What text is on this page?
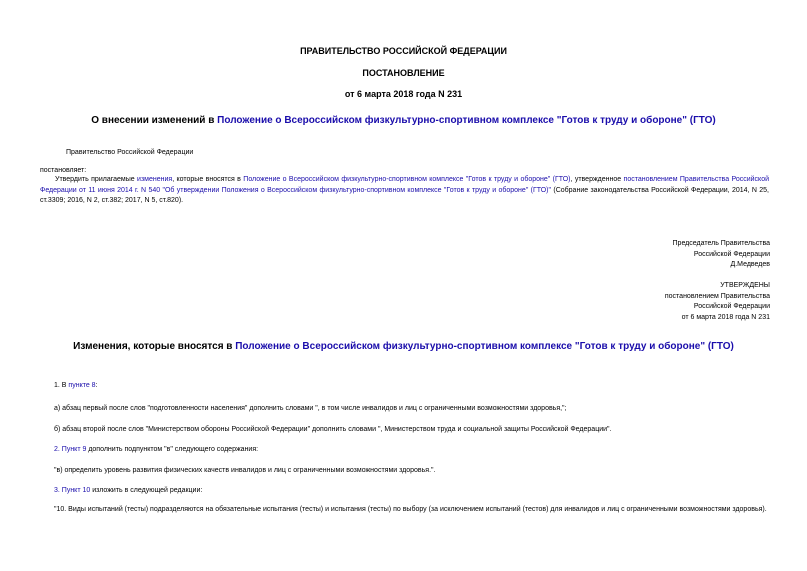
ПРАВИТЕЛЬСТВО РОССИЙСКОЙ ФЕДЕРАЦИИ
ПОСТАНОВЛЕНИЕ
от 6 марта 2018 года N 231
О внесении изменений в Положение о Всероссийском физкультурно-спортивном комплексе "Готов к труду и обороне" (ГТО)
Правительство Российской Федерации
постановляет:
Утвердить прилагаемые изменения, которые вносятся в Положение о Всероссийском физкультурно-спортивном комплексе "Готов к труду и обороне" (ГТО), утвержденное постановлением Правительства Российской Федерации от 11 июня 2014 г. N 540 "Об утверждении Положения о Всероссийском физкультурно-спортивном комплексе "Готов к труду и обороне" (ГТО)" (Собрание законодательства Российской Федерации, 2014, N 25, ст.3309; 2016, N 2, ст.382; 2017, N 5, ст.820).
Председатель Правительства
Российской Федерации
Д.Медведев
УТВЕРЖДЕНЫ
постановлением Правительства
Российской Федерации
от 6 марта 2018 года N 231
Изменения, которые вносятся в Положение о Всероссийском физкультурно-спортивном комплексе "Готов к труду и обороне" (ГТО)
1. В пункте 8:
а) абзац первый после слов "подготовленности населения" дополнить словами ", в том числе инвалидов и лиц с ограниченными возможностями здоровья,";
б) абзац второй после слов "Министерством обороны Российской Федерации" дополнить словами ", Министерством труда и социальной защиты Российской Федерации".
2. Пункт 9 дополнить подпунктом "в" следующего содержания:
"в) определить уровень развития физических качеств инвалидов и лиц с ограниченными возможностями здоровья.".
3. Пункт 10 изложить в следующей редакции:
"10. Виды испытаний (тесты) подразделяются на обязательные испытания (тесты) и испытания (тесты) по выбору (за исключением испытаний (тестов) для инвалидов и лиц с ограниченными возможностями здоровья).
